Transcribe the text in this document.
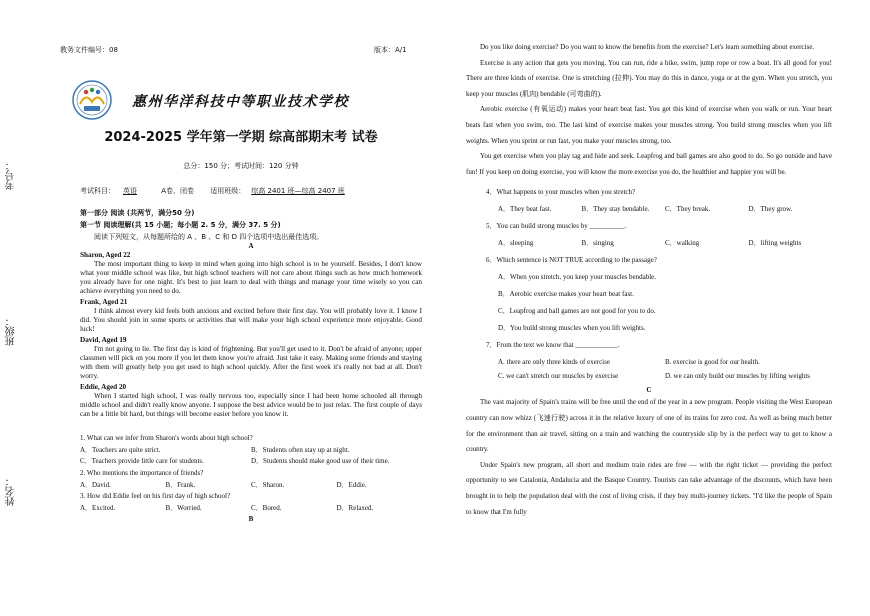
考号：
班级：
姓名：
教务文件编号：08	版本：A/1
惠州华洋科技中等职业技术学校
2024-2025 学年第一学期 综高部期末考 试卷
总分：150 分；考试时间：120 分钟
考试科目： 英语	A卷、闭卷 适用班级： 综高 2401 班—综高 2407 班
第一部分 阅读 (共两节，满分50 分)
第一节 阅读理解(共 15 小题；每小题 2. 5 分，满分 37. 5 分)
阅读下列短文，从每题所给的 A 、B 、C 和 D 四个选项中选出最佳选项。
A
Sharon, Aged 22
The most important thing to keep in mind when going into high school is to be yourself. Besides, I don't know what your middle school was like, but high school teachers will not care about things such as how much homework you already have for one night. It's best to just learn to deal with things and manage your time wisely so you can achieve everything you need to do.
Frank, Aged 21
I think almost every kid feels both anxious and excited before their first day. You will probably love it. I know I did. You should join in some sports or activities that will make your high school experience more enjoyable. Good luck!
David, Aged 19
I'm not going to lie. The first day is kind of frightening. But you'll get used to it. Don't be afraid of anyone; upper classmen will pick on you more if you let them know you're afraid. Just take it easy. Making some friends and staying with them will greatly help you get used to high school quickly. After the first week it's really not bad at all. Don't worry.
Eddie, Aged 20
When I started high school, I was really nervous too, especially since I had been home schooled all through middle school and didn't really know anyone. I suppose the best advice would be to just relax. The first couple of days can be a little bit hard, but things will become easier before you know it.
1. What can we infer from Sharon's words about high school?
A．Teachers are quite strict.	B．Students often stay up at night.
C．Teachers provide little care for students.	D．Students should make good use of their time.
2. Who mentions the importance of friends?
A．David.	B．Frank.	C．Sharon.	D．Eddie.
3. How did Eddie feel on his first day of high school?
A．Excited.	B．Worried.	C．Bored.	D．Relaxed.
B
Do you like doing exercise? Do you want to know the benefits from the exercise? Let's learn something about exercise.
Exercise is any action that gets you moving. You can run, ride a bike, swim, jump rope or row a boat. It's all good for you! There are three kinds of exercise. One is stretching (拉伸). You may do this in dance, yoga or at the gym. When you stretch, you keep your muscles (肌肉) bendable (可弯曲的).
Aerobic exercise (有氧运动) makes your heart beat fast. You get this kind of exercise when you walk or run. Your heart beats fast when you swim, too. The last kind of exercise makes your muscles strong. You build strong muscles when you lift weights. When you sprint or run fast, you make your muscles strong, too.
You get exercise when you play tag and hide and seek. Leapfrog and ball games are also good to do. So go outside and have fun! If you keep on doing exercise, you will know the more exercise you do, the healthier and happier you will be.
4．What happens to your muscles when you stretch?
A．They beat fast.	B．They stay bendable.	C．They break.	D．They grow.
5．You can build strong muscles by __________.
A．sleeping	B．singing	C．walking	D．lifting weights
6．Which sentence is NOT TRUE according to the passage?
A．When you stretch, you keep your muscles bendable.
B．Aerobic exercise makes your heart beat fast.
C．Leapfrog and ball games are not good for you to do.
D．You build strong muscles when you lift weights.
7．From the text we know that ____________.
A. there are only three kinds of exercise	B. exercise is good for our health.
C. we can't stretch our muscles by exercise	D. we can only build our muscles by lifting weights
C
The vast majority of Spain's trains will be free until the end of the year in a new program. People visiting the West European country can now whizz (飞速行驶) across it in the relative luxury of one of its trains for zero cost. As well as being much better for the environment than air travel, sitting on a train and watching the countryside slip by is the perfect way to get to know a country.
Under Spain's new program, all short and medium train rides are free — with the right ticket — providing the perfect opportunity to see Catalonia, Andalucia and the Basque Country. Tourists can take advantage of the discounts, which have been brought in to help the population deal with the cost of living crisis, if they buy multi-journey tickets. "I'd like the people of Spain to know that I'm fully
